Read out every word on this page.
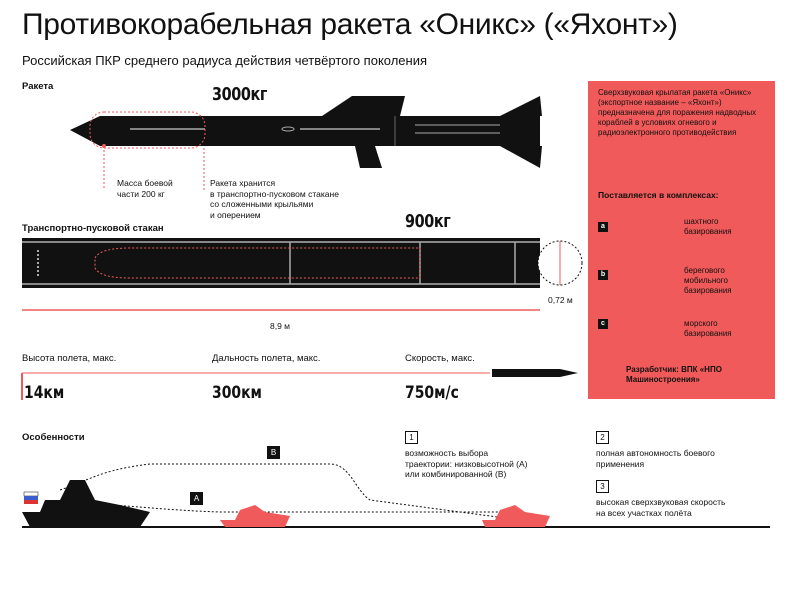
Противокорабельная ракета «Оникс» («Яхонт»)
Российская ПКР среднего радиуса действия четвёртого поколения
Ракета	3000кг
Масса боевой
части 200 кг
Ракета хранится
в транспортно-пусковом стакане
со сложенными крыльями
и оперением
Транспортно-пусковой стакан	900кг
8,9 м
0,72 м
Высота полета, макс.
14км
Дальность полета, макс.
300км
Скорость, макс.
750м/с
Сверхзвуковая крылатая ракета «Оникс» (экспортное название – «Яхонт») предназначена для поражения надводных кораблей в условиях огневого и радиоэлектронного противодействия
Поставляется в комплексах:
a
шахтного
базирования
b	берегового
мобильного
базирования
c	морского
базирования
Разработчик: ВПК «НПО
Машиностроения»
Особенности
B
A
1
возможность выбора
траектории: низковысотной (A)
или комбинированной (B)
2
полная автономность боевого
применения
3
высокая сверхзвуковая скорость
на всех участках полёта
